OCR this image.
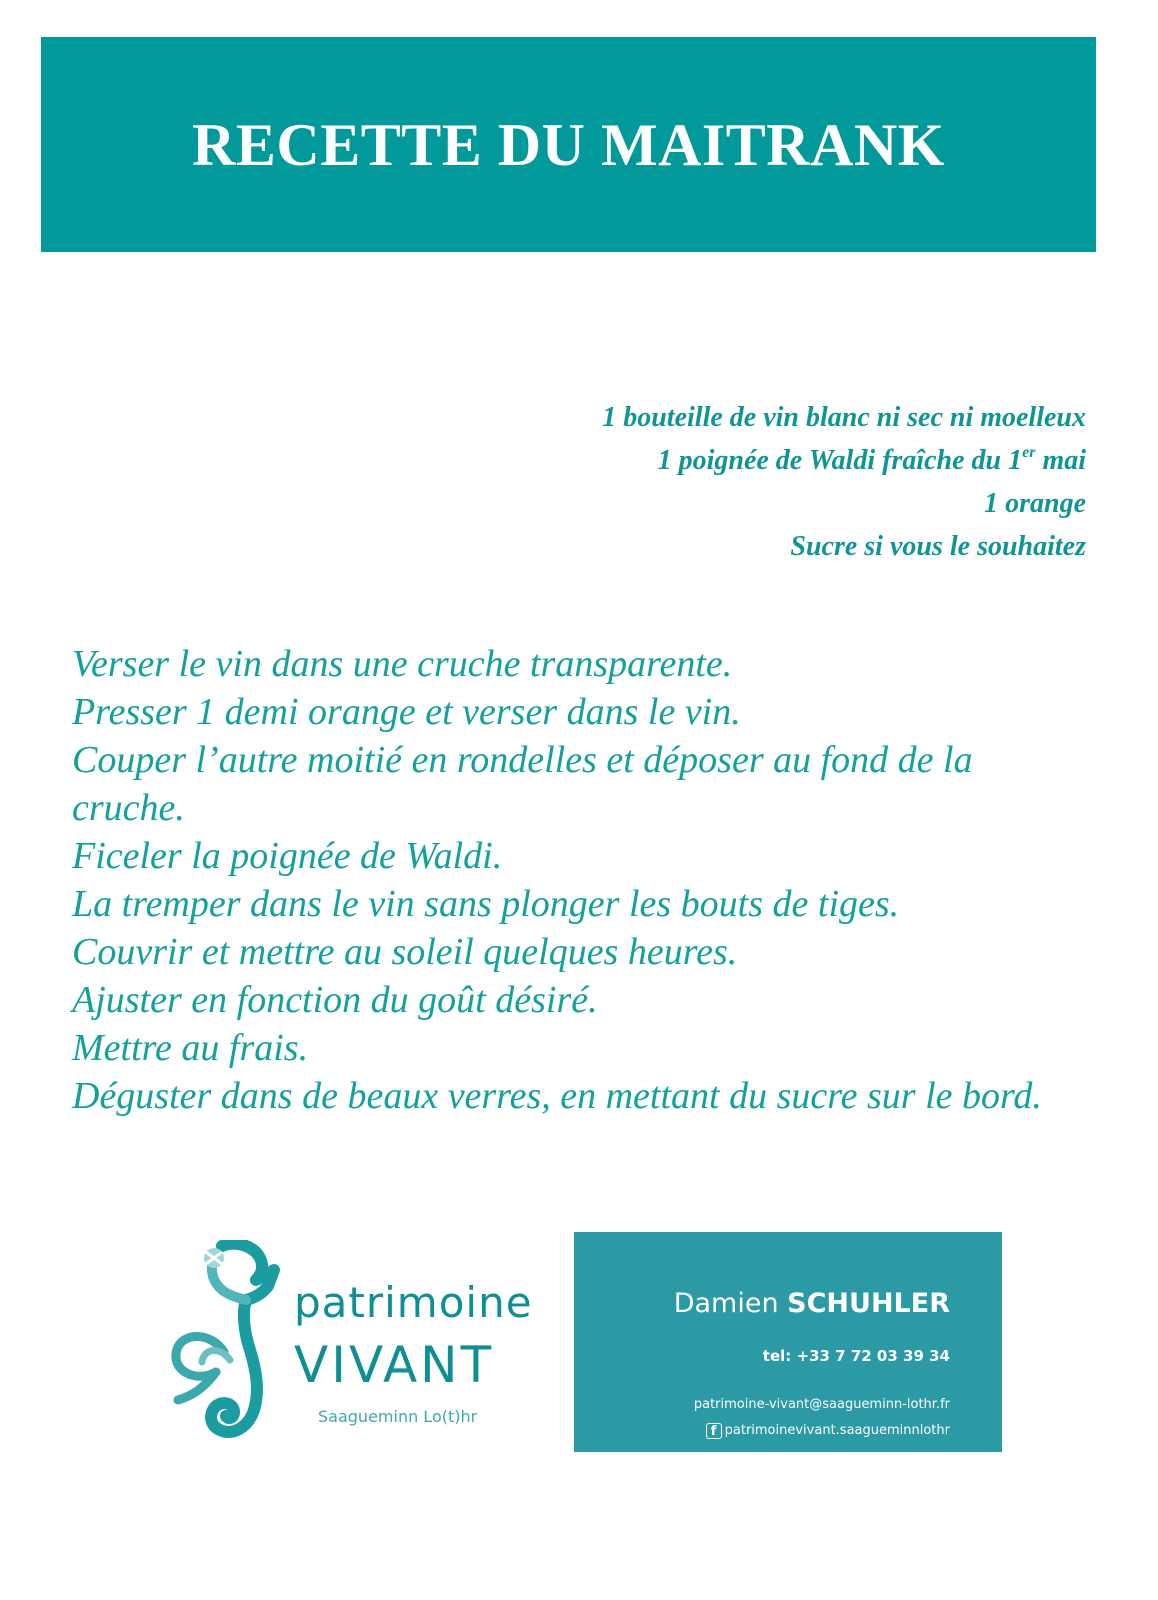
RECETTE DU MAITRANK
1 bouteille de vin blanc ni sec ni moelleux
1 poignée de Waldi fraîche du 1er mai
1 orange
Sucre si vous le souhaitez
Verser le vin dans une cruche transparente.
Presser 1 demi orange et verser dans le vin.
Couper l’autre moitié en rondelles et déposer au fond de la cruche.
Ficeler la poignée de Waldi.
La tremper dans le vin sans plonger les bouts de tiges.
Couvrir et mettre au soleil quelques heures.
Ajuster en fonction du goût désiré.
Mettre au frais.
Déguster dans de beaux verres, en mettant du sucre sur le bord.
patrimoine
VIVANT
Saagueminn Lo(t)hr
Damien SCHUHLER
tel: +33 7 72 03 39 34
patrimoine-vivant@saagueminn-lothr.fr
f patrimoinevivant.saagueminnlothr
